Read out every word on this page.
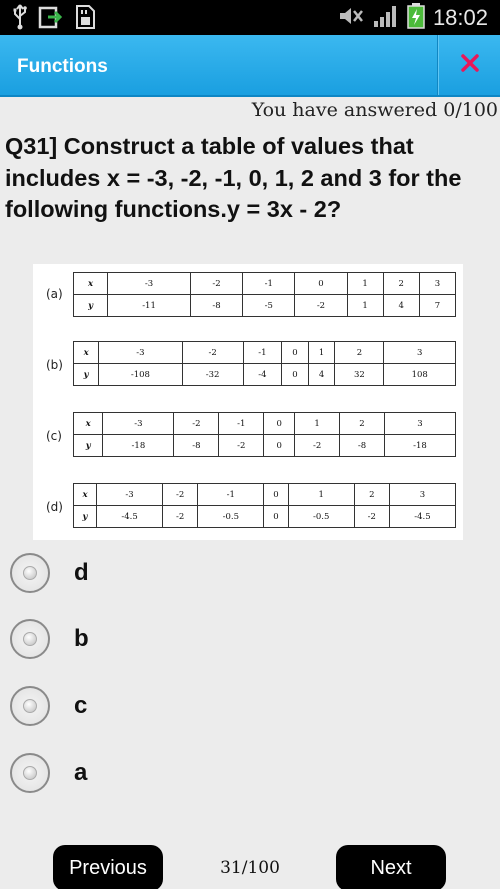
18:02
Functions
You have answered 0/100
Q31] Construct a table of values that includes x = -3, -2, -1, 0, 1, 2 and 3 for the following functions.y = 3x - 2?
(a)
x	-3	-2	-1	0	1	2	3
y	-11	-8	-5	-2	1	4	7
(b)
x	-3	-2	-1	0	1	2	3
y	-108	-32	-4	0	4	32	108
(c)
x	-3	-2	-1	0	1	2	3
y	-18	-8	-2	0	-2	-8	-18
(d)
x	-3	-2	-1	0	1	2	3
y	-4.5	-2	-0.5	0	-0.5	-2	-4.5
d
b
c
a
Previous	31/100	Next
